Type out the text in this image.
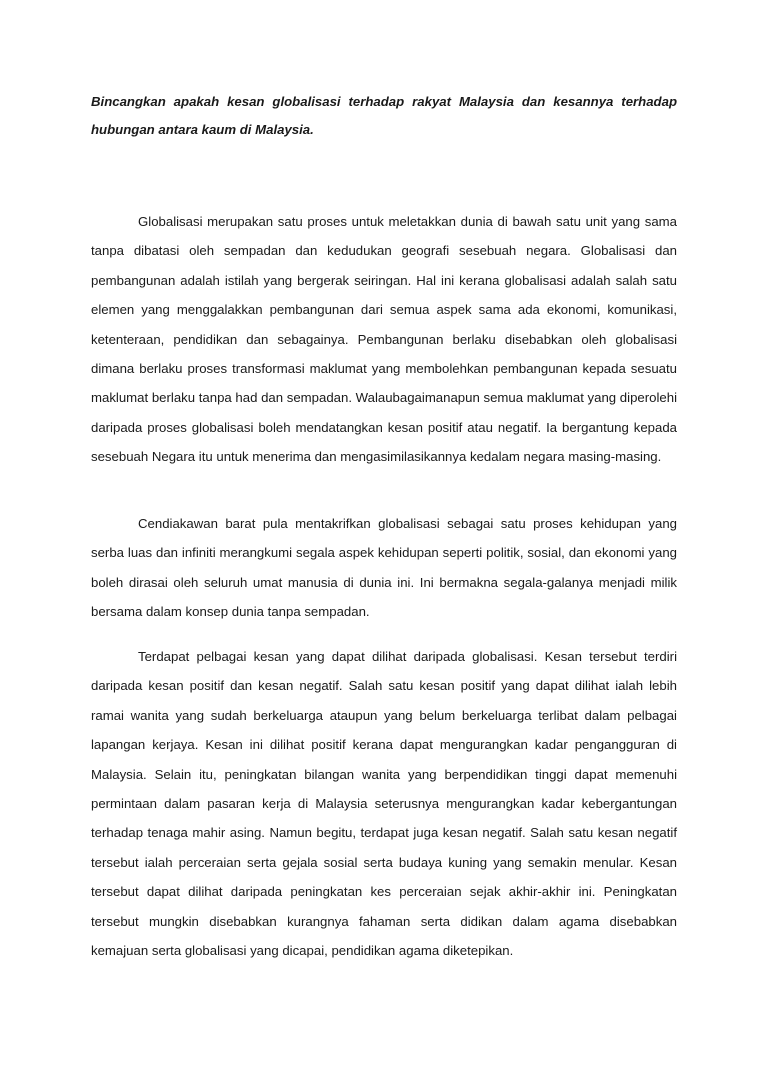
Bincangkan apakah kesan globalisasi terhadap rakyat Malaysia dan kesannya terhadap hubungan antara kaum di Malaysia.

Globalisasi merupakan satu proses untuk meletakkan dunia di bawah satu unit yang sama tanpa dibatasi oleh sempadan dan kedudukan geografi sesebuah negara. Globalisasi dan pembangunan adalah istilah yang bergerak seiringan. Hal ini kerana globalisasi adalah salah satu elemen yang menggalakkan pembangunan dari semua aspek sama ada ekonomi, komunikasi, ketenteraan, pendidikan dan sebagainya. Pembangunan berlaku disebabkan oleh globalisasi dimana berlaku proses transformasi maklumat yang membolehkan pembangunan kepada sesuatu maklumat berlaku tanpa had dan sempadan. Walaubagaimanapun semua maklumat yang diperolehi daripada proses globalisasi boleh mendatangkan kesan positif atau negatif. Ia bergantung kepada sesebuah Negara itu untuk menerima dan mengasimilasikannya kedalam negara masing-masing.

Cendiakawan barat pula mentakrifkan globalisasi sebagai satu proses kehidupan yang serba luas dan infiniti merangkumi segala aspek kehidupan seperti politik, sosial, dan ekonomi yang boleh dirasai oleh seluruh umat manusia di dunia ini. Ini bermakna segala-galanya menjadi milik bersama dalam konsep dunia tanpa sempadan.

Terdapat pelbagai kesan yang dapat dilihat daripada globalisasi. Kesan tersebut terdiri daripada kesan positif dan kesan negatif. Salah satu kesan positif yang dapat dilihat ialah lebih ramai wanita yang sudah berkeluarga ataupun yang belum berkeluarga terlibat dalam pelbagai lapangan kerjaya. Kesan ini dilihat positif kerana dapat mengurangkan kadar pengangguran di Malaysia. Selain itu, peningkatan bilangan wanita yang berpendidikan tinggi dapat memenuhi permintaan dalam pasaran kerja di Malaysia seterusnya mengurangkan kadar kebergantungan terhadap tenaga mahir asing. Namun begitu, terdapat juga kesan negatif. Salah satu kesan negatif tersebut ialah perceraian serta gejala sosial serta budaya kuning yang semakin menular. Kesan tersebut dapat dilihat daripada peningkatan kes perceraian sejak akhir-akhir ini. Peningkatan tersebut mungkin disebabkan kurangnya fahaman serta didikan dalam agama disebabkan kemajuan serta globalisasi yang dicapai, pendidikan agama diketepikan.
